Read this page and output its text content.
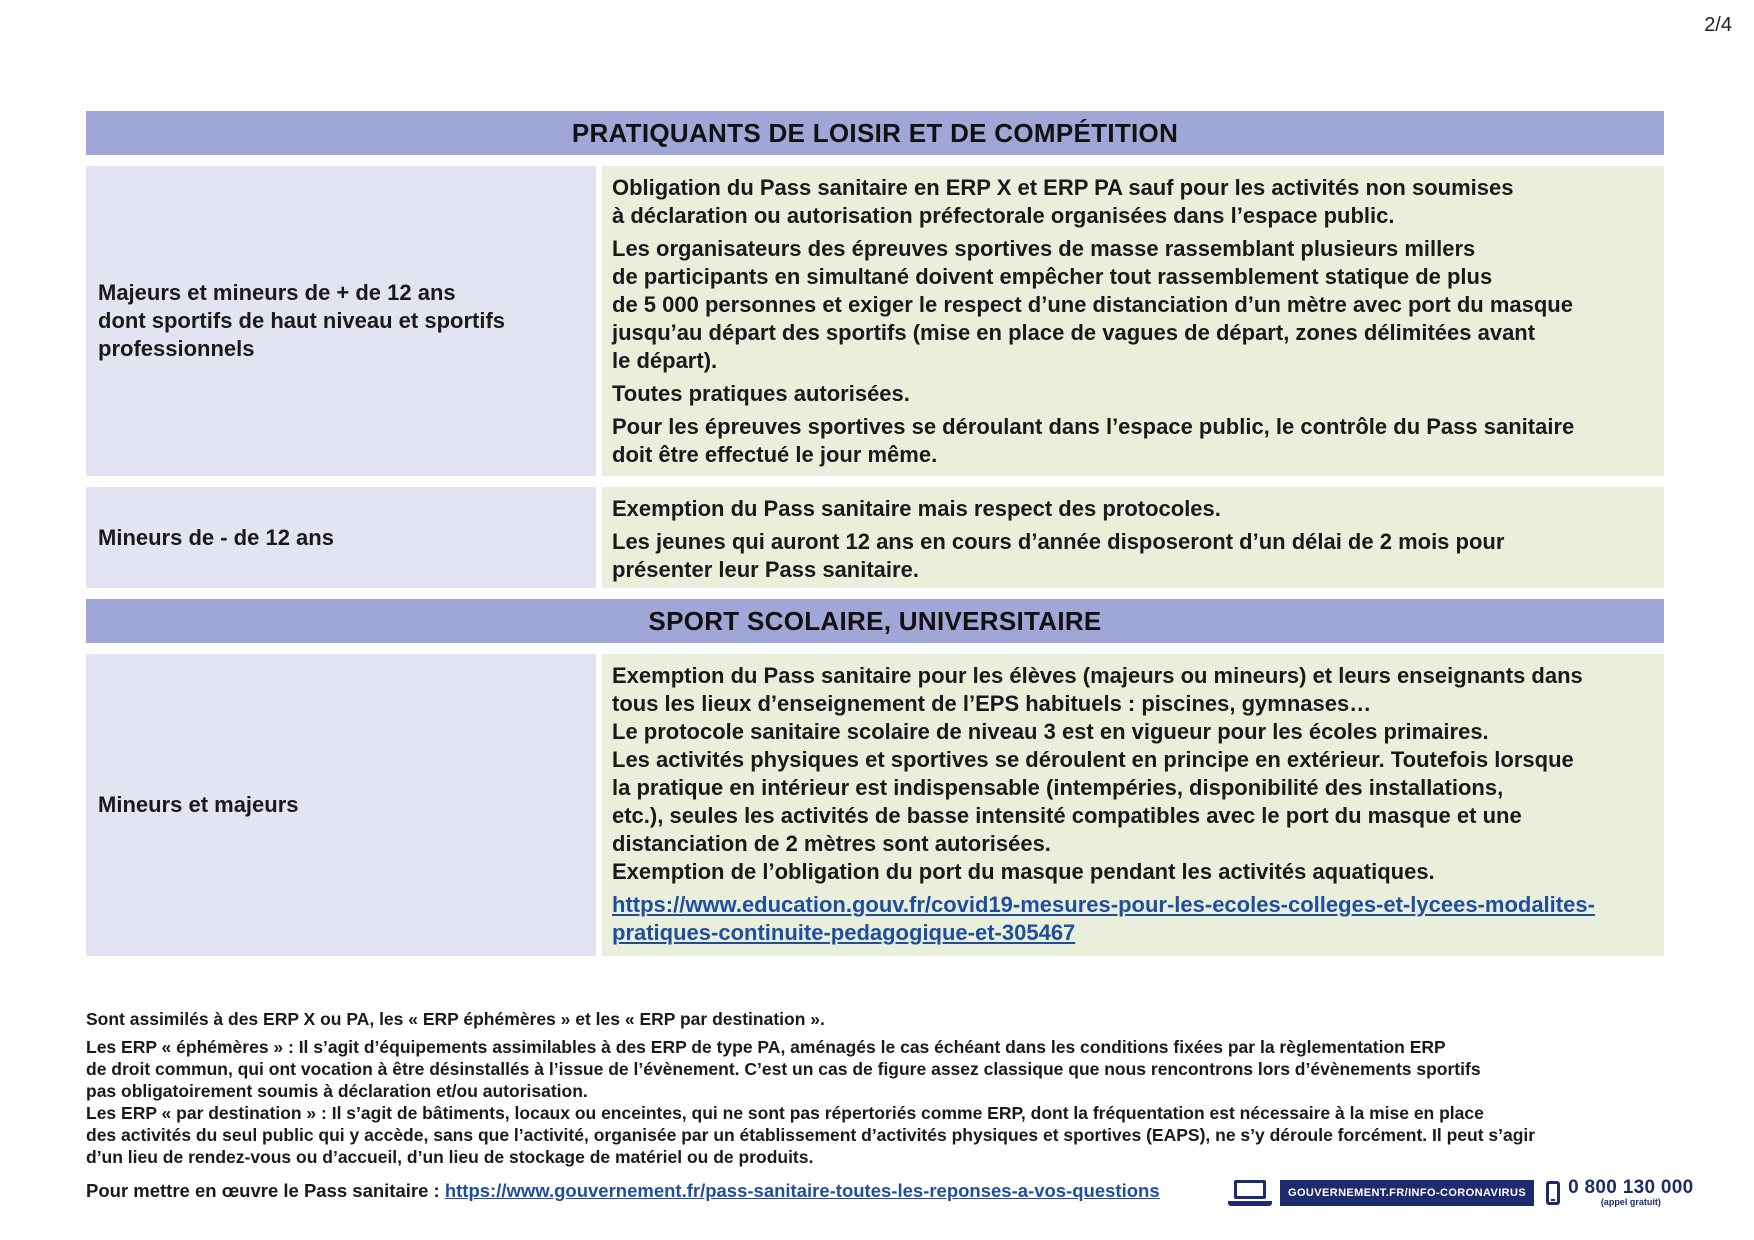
2/4
PRATIQUANTS DE LOISIR ET DE COMPÉTITION
Majeurs et mineurs de + de 12 ans
dont sportifs de haut niveau et sportifs
professionnels
Obligation du Pass sanitaire en ERP X et ERP PA sauf pour les activités non soumises
à déclaration ou autorisation préfectorale organisées dans l’espace public.
Les organisateurs des épreuves sportives de masse rassemblant plusieurs millers
de participants en simultané doivent empêcher tout rassemblement statique de plus
de 5 000 personnes et exiger le respect d’une distanciation d’un mètre avec port du masque
jusqu’au départ des sportifs (mise en place de vagues de départ, zones délimitées avant
le départ).
Toutes pratiques autorisées.
Pour les épreuves sportives se déroulant dans l’espace public, le contrôle du Pass sanitaire
doit être effectué le jour même.
Mineurs de - de 12 ans
Exemption du Pass sanitaire mais respect des protocoles.
Les jeunes qui auront 12 ans en cours d’année disposeront d’un délai de 2 mois pour
présenter leur Pass sanitaire.
SPORT SCOLAIRE, UNIVERSITAIRE
Mineurs et majeurs
Exemption du Pass sanitaire pour les élèves (majeurs ou mineurs) et leurs enseignants dans
tous les lieux d’enseignement de l’EPS habituels : piscines, gymnases…
Le protocole sanitaire scolaire de niveau 3 est en vigueur pour les écoles primaires.
Les activités physiques et sportives se déroulent en principe en extérieur. Toutefois lorsque
la pratique en intérieur est indispensable (intempéries, disponibilité des installations,
etc.), seules les activités de basse intensité compatibles avec le port du masque et une
distanciation de 2 mètres sont autorisées.
Exemption de l’obligation du port du masque pendant les activités aquatiques.
https://www.education.gouv.fr/covid19-mesures-pour-les-ecoles-colleges-et-lycees-modalites-
pratiques-continuite-pedagogique-et-305467
Sont assimilés à des ERP X ou PA, les « ERP éphémères » et les « ERP par destination ».
Les ERP « éphémères » : Il s’agit d’équipements assimilables à des ERP de type PA, aménagés le cas échéant dans les conditions fixées par la règlementation ERP
de droit commun, qui ont vocation à être désinstallés à l’issue de l’évènement. C’est un cas de figure assez classique que nous rencontrons lors d’évènements sportifs
pas obligatoirement soumis à déclaration et/ou autorisation.
Les ERP « par destination » : Il s’agit de bâtiments, locaux ou enceintes, qui ne sont pas répertoriés comme ERP, dont la fréquentation est nécessaire à la mise en place
des activités du seul public qui y accède, sans que l’activité, organisée par un établissement d’activités physiques et sportives (EAPS), ne s’y déroule forcément. Il peut s’agir
d’un lieu de rendez-vous ou d’accueil, d’un lieu de stockage de matériel ou de produits.
Pour mettre en œuvre le Pass sanitaire : https://www.gouvernement.fr/pass-sanitaire-toutes-les-reponses-a-vos-questions	GOUVERNEMENT.FR/INFO-CORONAVIRUS	0 800 130 000
(appel gratuit)
